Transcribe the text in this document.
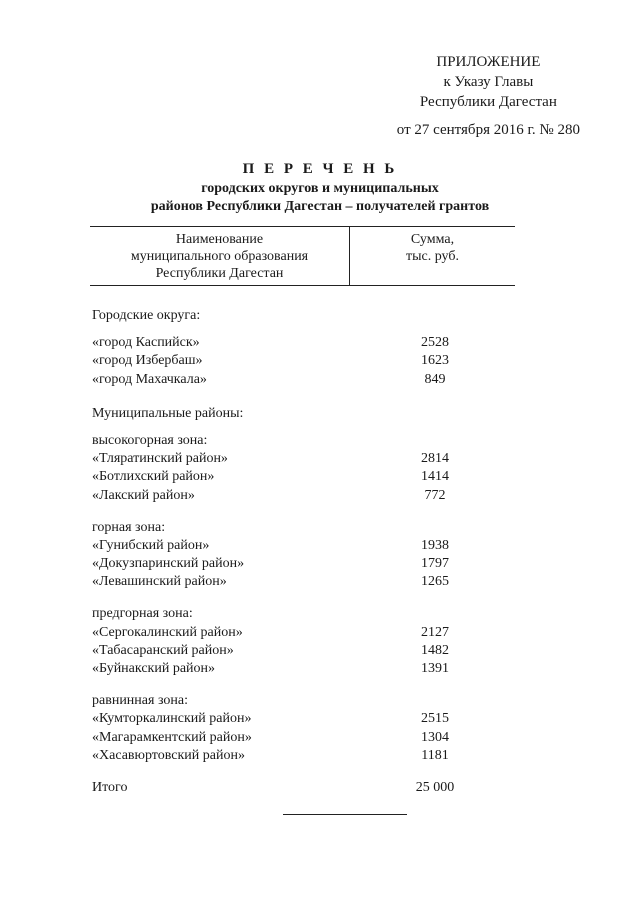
ПРИЛОЖЕНИЕ
к Указу Главы
Республики Дагестан
от 27 сентября 2016 г. № 280
П Е Р Е Ч Е Н Ь
городских округов и муниципальных
районов Республики Дагестан – получателей грантов
Наименование
муниципального образования
Республики Дагестан
Сумма,
тыс. руб.
Городские округа:
«город Каспийск»	2528
«город Избербаш»	1623
«город Махачкала»	849
Муниципальные районы:
высокогорная зона:
«Тляратинский район»	2814
«Ботлихский район»	1414
«Лакский район»	772
горная зона:
«Гунибский район»	1938
«Докузпаринский район»	1797
«Левашинский район»	1265
предгорная зона:
«Сергокалинский район»	2127
«Табасаранский район»	1482
«Буйнакский район»	1391
равнинная зона:
«Кумторкалинский район»	2515
«Магарамкентский район»	1304
«Хасавюртовский район»	1181
Итого	25 000
